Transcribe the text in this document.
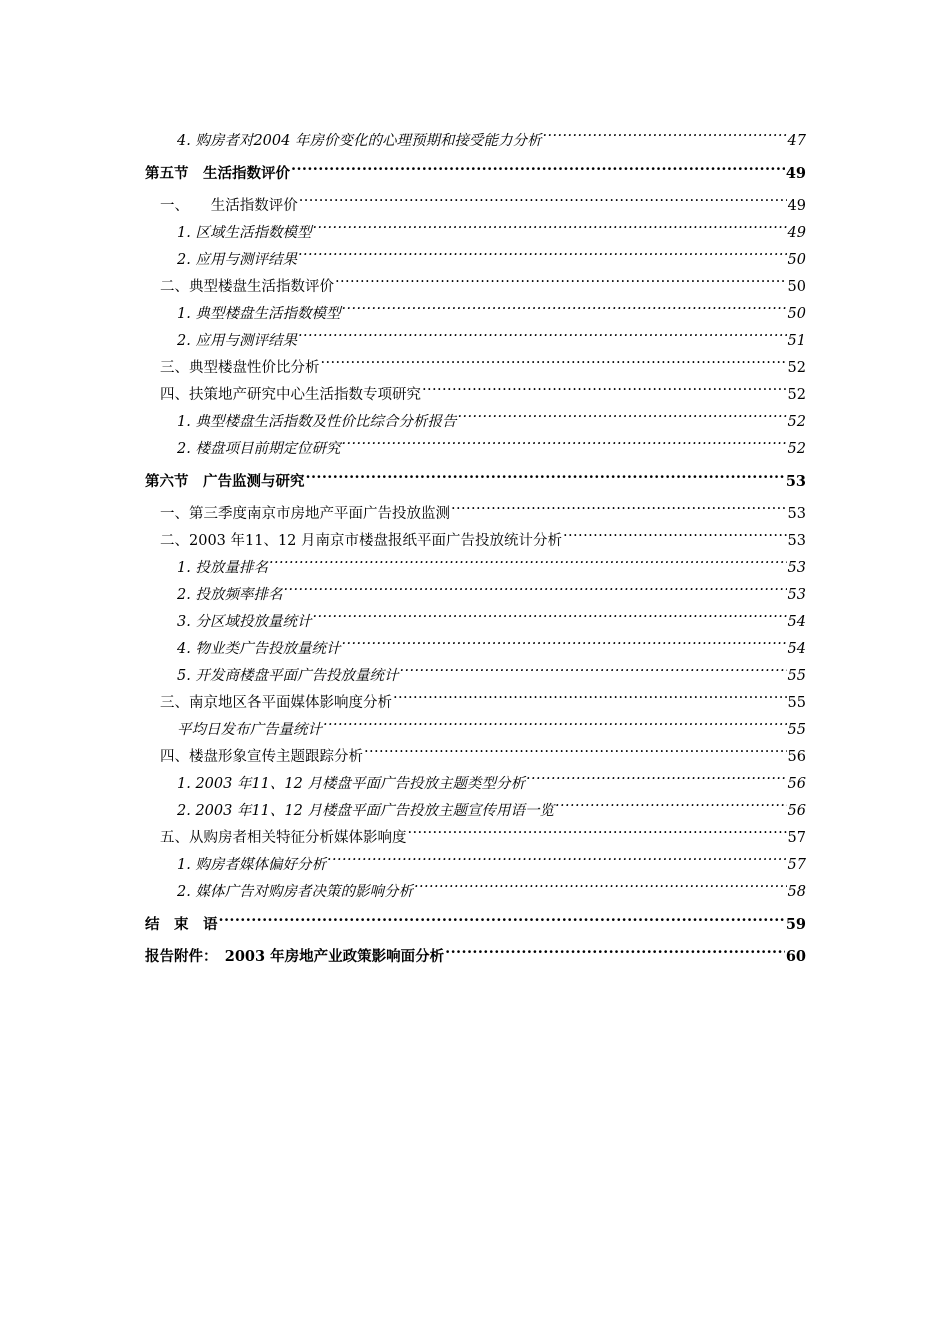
4. 购房者对2004 年房价变化的心理预期和接受能力分析 .....	47
第五节　生活指数评价 .....	49
一、　　生活指数评价 .....	49
1. 区域生活指数模型 .....	49
2. 应用与测评结果 .....	50
二、典型楼盘生活指数评价 .....	50
1. 典型楼盘生活指数模型 .....	50
2. 应用与测评结果 .....	51
三、典型楼盘性价比分析 .....	52
四、扶策地产研究中心生活指数专项研究 .....	52
1. 典型楼盘生活指数及性价比综合分析报告 .....	52
2. 楼盘项目前期定位研究 .....	52
第六节　广告监测与研究 .....	53
一、第三季度南京市房地产平面广告投放监测 .....	53
二、2003 年11、12 月南京市楼盘报纸平面广告投放统计分析 .....	53
1. 投放量排名 .....	53
2. 投放频率排名 .....	53
3. 分区域投放量统计 .....	54
4. 物业类广告投放量统计 .....	54
5. 开发商楼盘平面广告投放量统计 .....	55
三、南京地区各平面媒体影响度分析 .....	55
平均日发布广告量统计 .....	55
四、楼盘形象宣传主题跟踪分析 .....	56
1. 2003 年11、12 月楼盘平面广告投放主题类型分析 .....	56
2. 2003 年11、12 月楼盘平面广告投放主题宣传用语一览 .....	56
五、从购房者相关特征分析媒体影响度 .....	57
1. 购房者媒体偏好分析 .....	57
2. 媒体广告对购房者决策的影响分析 .....	58
结　束　语 .....	59
报告附件：　2003 年房地产业政策影响面分析 .....	60
